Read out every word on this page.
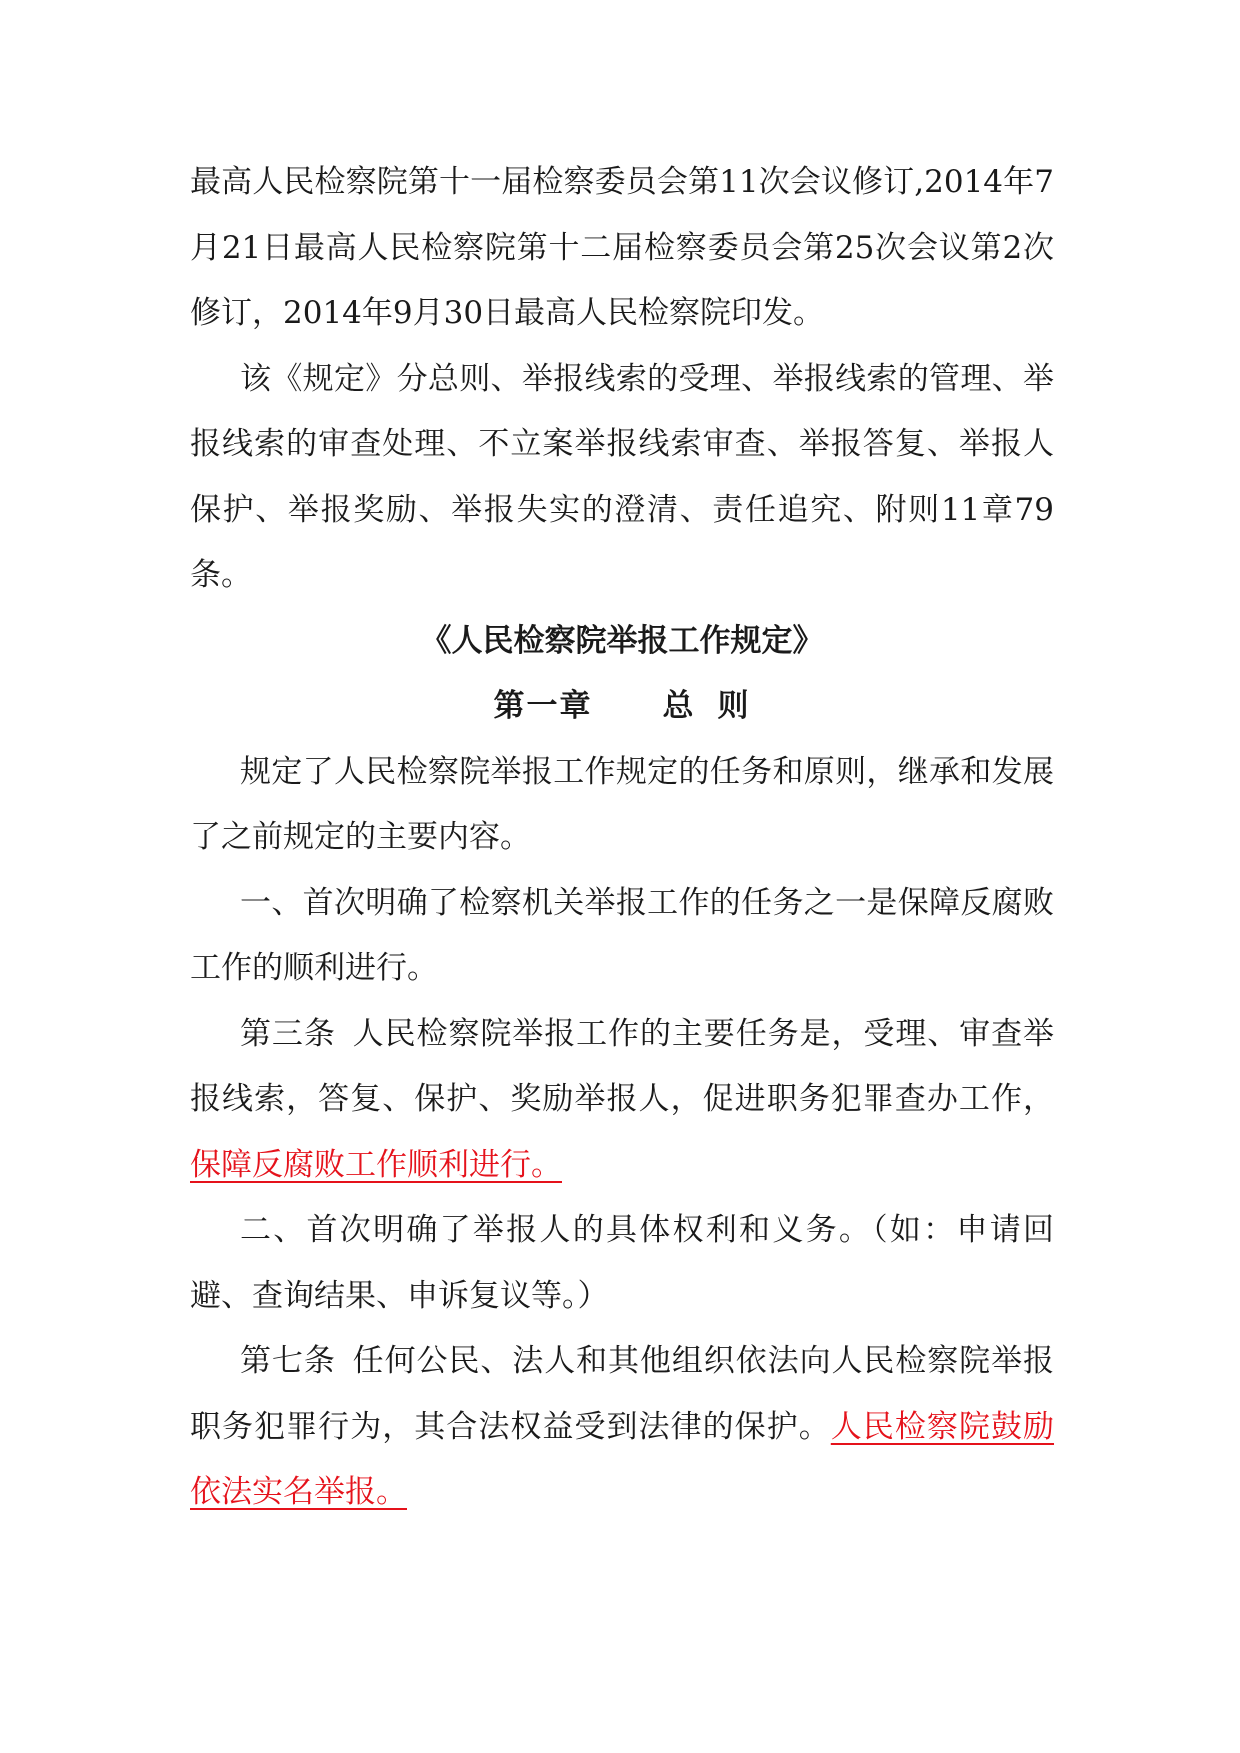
最高人民检察院第十一届检察委员会第11次会议修订,2014年7月21日最高人民检察院第十二届检察委员会第25次会议第2次修订，2014年9月30日最高人民检察院印发。

该《规定》分总则、举报线索的受理、举报线索的管理、举报线索的审查处理、不立案举报线索审查、举报答复、举报人保护、举报奖励、举报失实的澄清、责任追究、附则11章79条。

《人民检察院举报工作规定》

第一章 总 则

规定了人民检察院举报工作规定的任务和原则，继承和发展了之前规定的主要内容。

一、首次明确了检察机关举报工作的任务之一是保障反腐败工作的顺利进行。

第三条 人民检察院举报工作的主要任务是，受理、审查举报线索，答复、保护、奖励举报人，促进职务犯罪查办工作，保障反腐败工作顺利进行。

二、首次明确了举报人的具体权利和义务。（如：申请回避、查询结果、申诉复议等。）

第七条 任何公民、法人和其他组织依法向人民检察院举报职务犯罪行为，其合法权益受到法律的保护。人民检察院鼓励依法实名举报。
